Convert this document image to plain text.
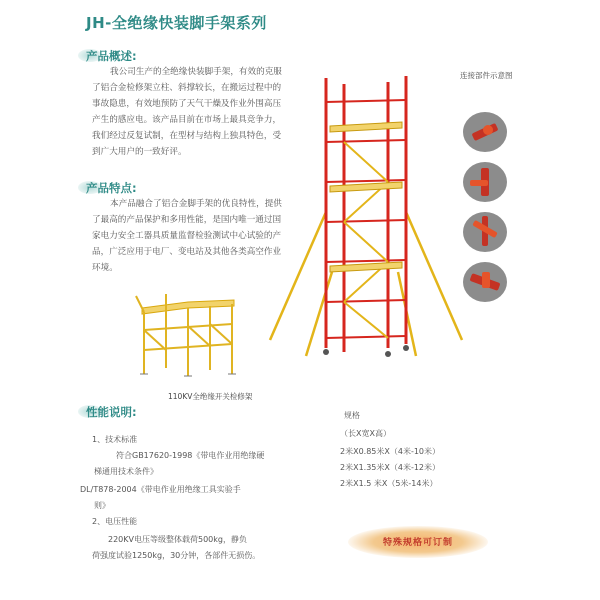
JH-全绝缘快装脚手架系列
产品概述:

我公司生产的全绝缘快装脚手架，有效的克服

了铝合金检修架立柱、斜撑较长，在搬运过程中的

事故隐患，有效地预防了天气干燥及作业外围高压

产生的感应电。该产品目前在市场上最具竞争力，

我们经过反复试制，在型材与结构上独具特色，受

到广大用户的一致好评。

产品特点:

本产品融合了铝合金脚手架的优良特性，提供

了最高的产品保护和多用性能，是国内唯一通过国

家电力安全工器具质量监督检验测试中心试验的产

品，广泛应用于电厂、变电站及其他各类高空作业

环境。

110KV全绝缘开关检修架
连接部件示意图
性能说明:
1、技术标准
符合GB17620-1998《带电作业用绝缘硬
梯通用技术条件》
DL/T878-2004《带电作业用绝缘工具实验手
则》
2、电压性能
220KV电压等级整体载荷500kg，静负
荷强度试验1250kg，30分钟，各部件无损伤。
规格
（长X宽X高）
2米X0.85米X（4米-10米）
2米X1.35米X（4米-12米）
2米X1.5 米X（5米-14米）
特殊规格可订制
